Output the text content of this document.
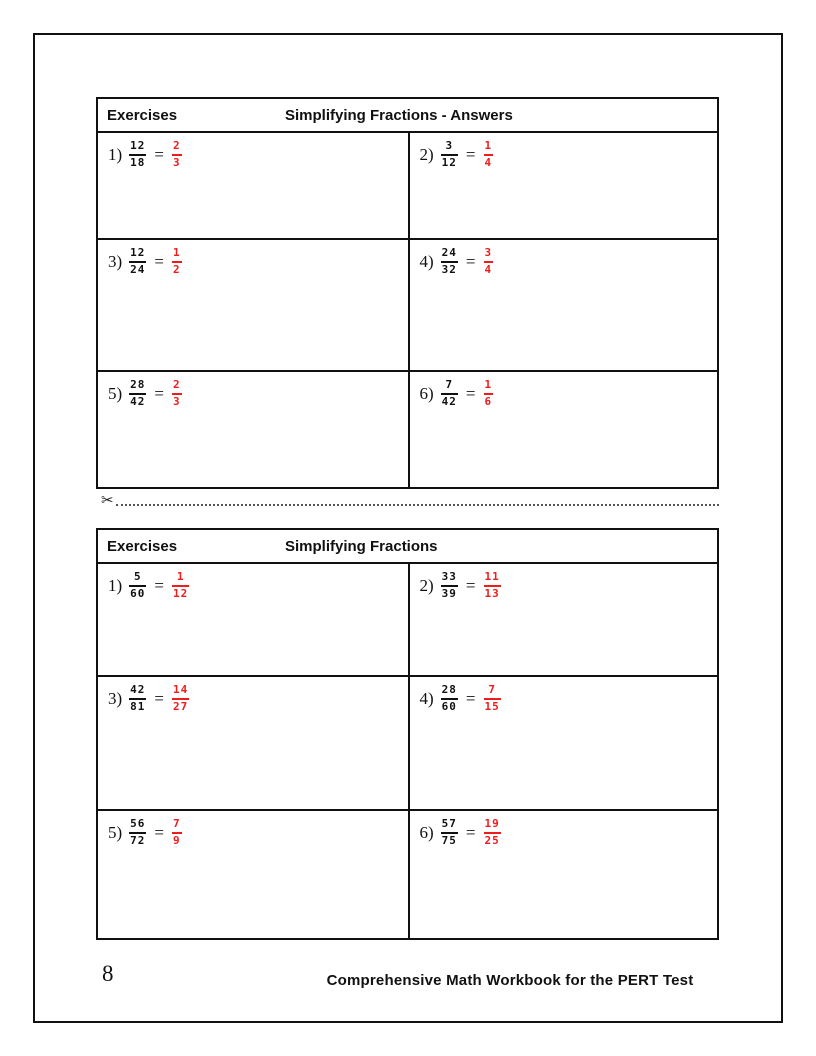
Exercises	Simplifying Fractions - Answers
$1) \frac{12}{18} = \frac{2}{3}$	$2) \frac{3}{12} = \frac{1}{4}$
$3) \frac{12}{24} = \frac{1}{2}$	$4) \frac{24}{32} = \frac{3}{4}$
$5) \frac{28}{42} = \frac{2}{3}$	$6) \frac{7}{42} = \frac{1}{6}$
✂
Exercises	Simplifying Fractions
$1) \frac{5}{60} = \frac{1}{12}$	$2) \frac{33}{39} = \frac{11}{13}$
$3) \frac{42}{81} = \frac{14}{27}$	$4) \frac{28}{60} = \frac{7}{15}$
$5) \frac{56}{72} = \frac{7}{9}$	$6) \frac{57}{75} = \frac{19}{25}$
8	Comprehensive Math Workbook for the PERT Test
